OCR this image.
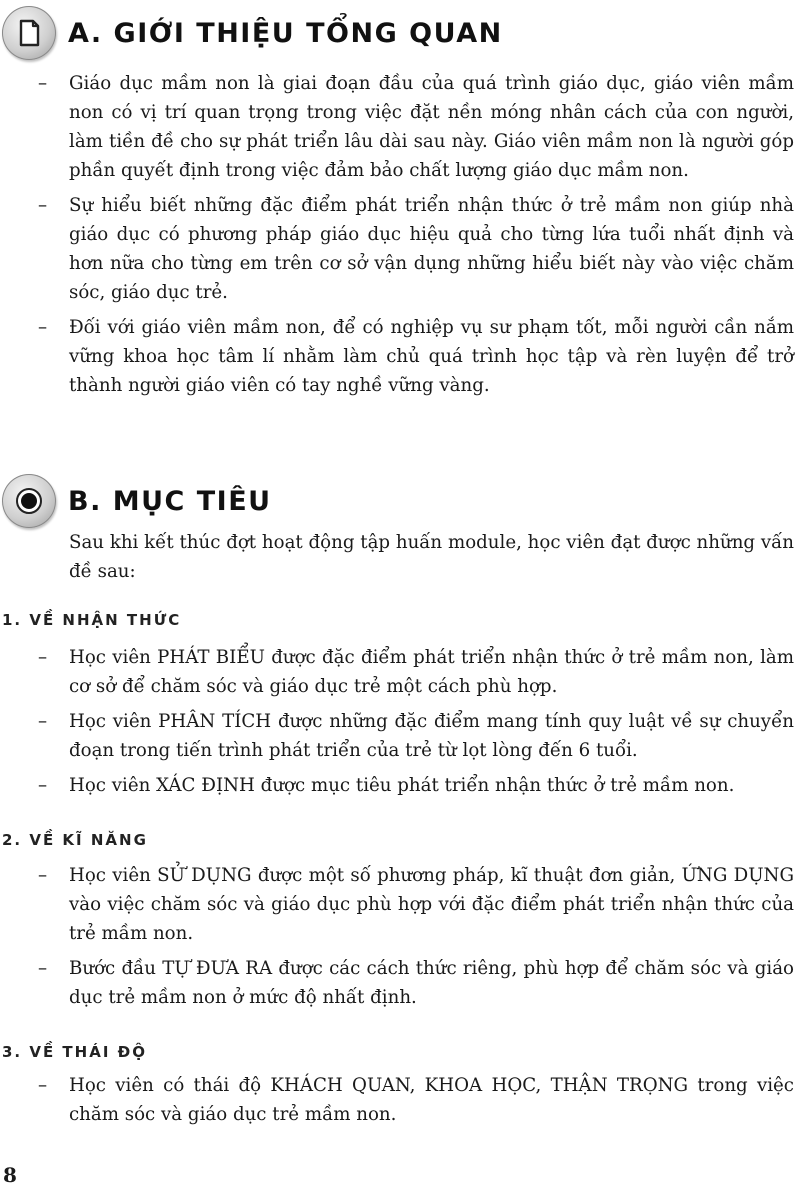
A. GIỚI THIỆU TỔNG QUAN
– Giáo dục mầm non là giai đoạn đầu của quá trình giáo dục, giáo viên mầm non có vị trí quan trọng trong việc đặt nền móng nhân cách của con người, làm tiền đề cho sự phát triển lâu dài sau này. Giáo viên mầm non là người góp phần quyết định trong việc đảm bảo chất lượng giáo dục mầm non.
– Sự hiểu biết những đặc điểm phát triển nhận thức ở trẻ mầm non giúp nhà giáo dục có phương pháp giáo dục hiệu quả cho từng lứa tuổi nhất định và hơn nữa cho từng em trên cơ sở vận dụng những hiểu biết này vào việc chăm sóc, giáo dục trẻ.
– Đối với giáo viên mầm non, để có nghiệp vụ sư phạm tốt, mỗi người cần nắm vững khoa học tâm lí nhằm làm chủ quá trình học tập và rèn luyện để trở thành người giáo viên có tay nghề vững vàng.
B. MỤC TIÊU

Sau khi kết thúc đợt hoạt động tập huấn module, học viên đạt được những vấn đề sau:

1. VỀ NHẬN THỨC
– Học viên PHÁT BIỂU được đặc điểm phát triển nhận thức ở trẻ mầm non, làm cơ sở để chăm sóc và giáo dục trẻ một cách phù hợp.
– Học viên PHÂN TÍCH được những đặc điểm mang tính quy luật về sự chuyển đoạn trong tiến trình phát triển của trẻ từ lọt lòng đến 6 tuổi.
– Học viên XÁC ĐỊNH được mục tiêu phát triển nhận thức ở trẻ mầm non.
2. VỀ KĨ NĂNG
– Học viên SỬ DỤNG được một số phương pháp, kĩ thuật đơn giản, ỨNG DỤNG vào việc chăm sóc và giáo dục phù hợp với đặc điểm phát triển nhận thức của trẻ mầm non.
– Bước đầu TỰ ĐƯA RA được các cách thức riêng, phù hợp để chăm sóc và giáo dục trẻ mầm non ở mức độ nhất định.
3. VỀ THÁI ĐỘ
– Học viên có thái độ KHÁCH QUAN, KHOA HỌC, THẬN TRỌNG trong việc chăm sóc và giáo dục trẻ mầm non.

8
